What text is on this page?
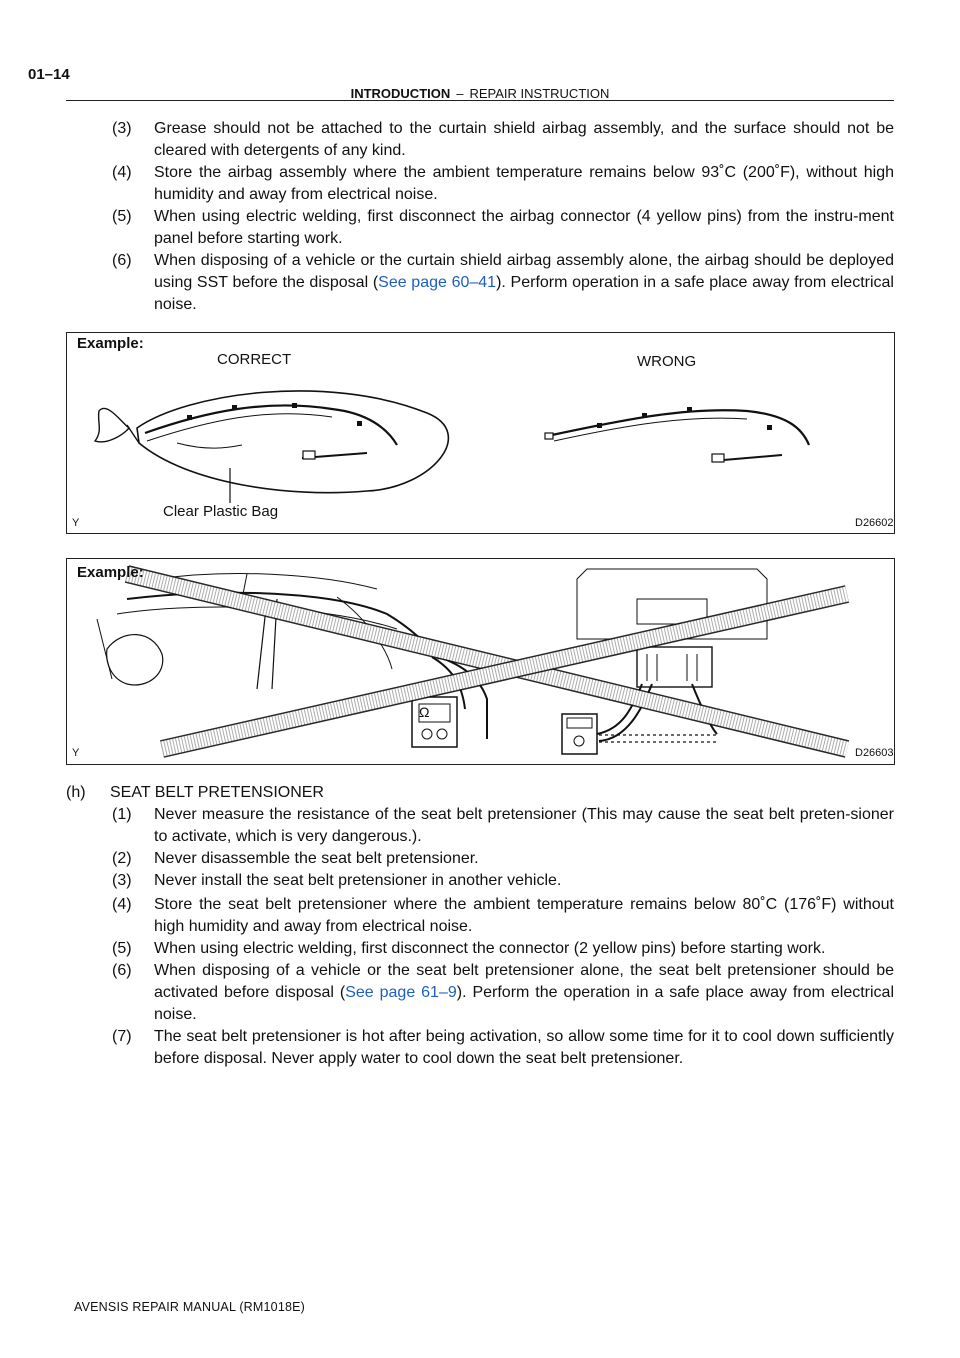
01–14
INTRODUCTION – REPAIR INSTRUCTION
(3) Grease should not be attached to the curtain shield airbag assembly, and the surface should not be cleared with detergents of any kind.
(4) Store the airbag assembly where the ambient temperature remains below 93˚C (200˚F), without high humidity and away from electrical noise.
(5) When using electric welding, first disconnect the airbag connector (4 yellow pins) from the instru-ment panel before starting work.
(6) When disposing of a vehicle or the curtain shield airbag assembly alone, the airbag should be deployed using SST before the disposal (See page 60–41). Perform operation in a safe place away from electrical noise.
Example:
CORRECT	WRONG
Clear Plastic Bag
Y	D26602
Ω
Example:
Y	D26603
(h) SEAT BELT PRETENSIONER
(1) Never measure the resistance of the seat belt pretensioner (This may cause the seat belt preten-sioner to activate, which is very dangerous.).
(2) Never disassemble the seat belt pretensioner.
(3) Never install the seat belt pretensioner in another vehicle.
(4) Store the seat belt pretensioner where the ambient temperature remains below 80˚C (176˚F) without high humidity and away from electrical noise.
(5) When using electric welding, first disconnect the connector (2 yellow pins) before starting work.
(6) When disposing of a vehicle or the seat belt pretensioner alone, the seat belt pretensioner should be activated before disposal (See page 61–9). Perform the operation in a safe place away from electrical noise.
(7) The seat belt pretensioner is hot after being activation, so allow some time for it to cool down sufficiently before disposal. Never apply water to cool down the seat belt pretensioner.
AVENSIS REPAIR MANUAL (RM1018E)
